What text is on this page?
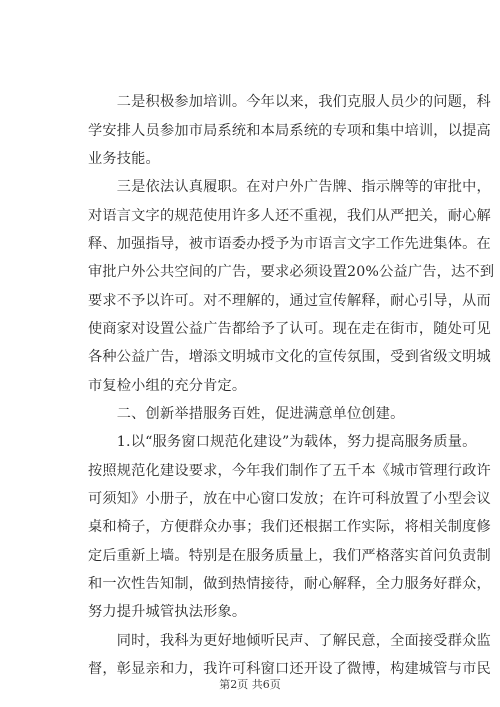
　　二是积极参加培训。今年以来，我们克服人员少的问题，科
学安排人员参加市局系统和本局系统的专项和集中培训，以提高
业务技能。
　　三是依法认真履职。在对户外广告牌、指示牌等的审批中，
对语言文字的规范使用许多人还不重视，我们从严把关，耐心解
释、加强指导，被市语委办授予为市语言文字工作先进集体。在
审批户外公共空间的广告，要求必须设置20%公益广告，达不到
要求不予以许可。对不理解的，通过宣传解释，耐心引导，从而
使商家对设置公益广告都给予了认可。现在走在街市，随处可见
各种公益广告，增添文明城市文化的宣传氛围，受到省级文明城
市复检小组的充分肯定。
　　二、创新举措服务百姓，促进满意单位创建。
　　1.以“服务窗口规范化建设”为载体，努力提高服务质量。
按照规范化建设要求，今年我们制作了五千本《城市管理行政许
可须知》小册子，放在中心窗口发放；在许可科放置了小型会议
桌和椅子，方便群众办事；我们还根据工作实际，将相关制度修
定后重新上墙。特别是在服务质量上，我们严格落实首问负责制
和一次性告知制，做到热情接待，耐心解释，全力服务好群众，
努力提升城管执法形象。
　　同时，我科为更好地倾听民声、了解民意，全面接受群众监
督，彰显亲和力，我许可科窗口还开设了微博，构建城管与市民
第2页 共6页
